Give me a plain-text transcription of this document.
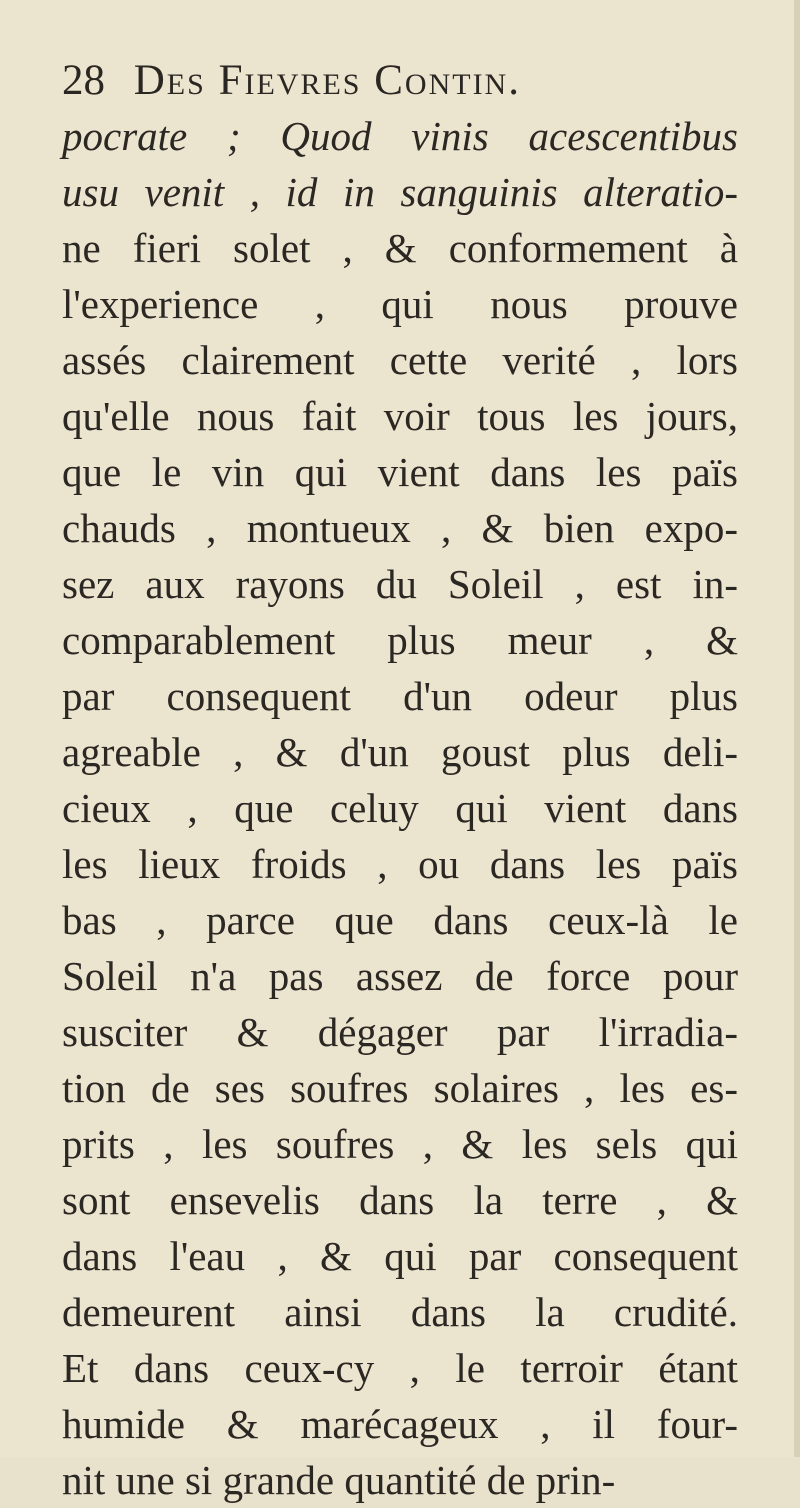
28 Des Fievres Contin.
pocrate ; Quod vinis acescentibus
usu venit , id in sanguinis alteratio-
ne fieri solet , & conformement à
l'experience , qui nous prouve
assés clairement cette verité , lors
qu'elle nous fait voir tous les jours,
que le vin qui vient dans les païs
chauds , montueux , & bien expo-
sez aux rayons du Soleil , est in-
comparablement plus meur , &
par consequent d'un odeur plus
agreable , & d'un goust plus deli-
cieux , que celuy qui vient dans
les lieux froids , ou dans les païs
bas , parce que dans ceux-là le
Soleil n'a pas assez de force pour
susciter & dégager par l'irradia-
tion de ses soufres solaires , les es-
prits , les soufres , & les sels qui
sont ensevelis dans la terre , &
dans l'eau , & qui par consequent
demeurent ainsi dans la crudité.
Et dans ceux-cy , le terroir étant
humide & marécageux , il four-
nit une si grande quantité de prin-
